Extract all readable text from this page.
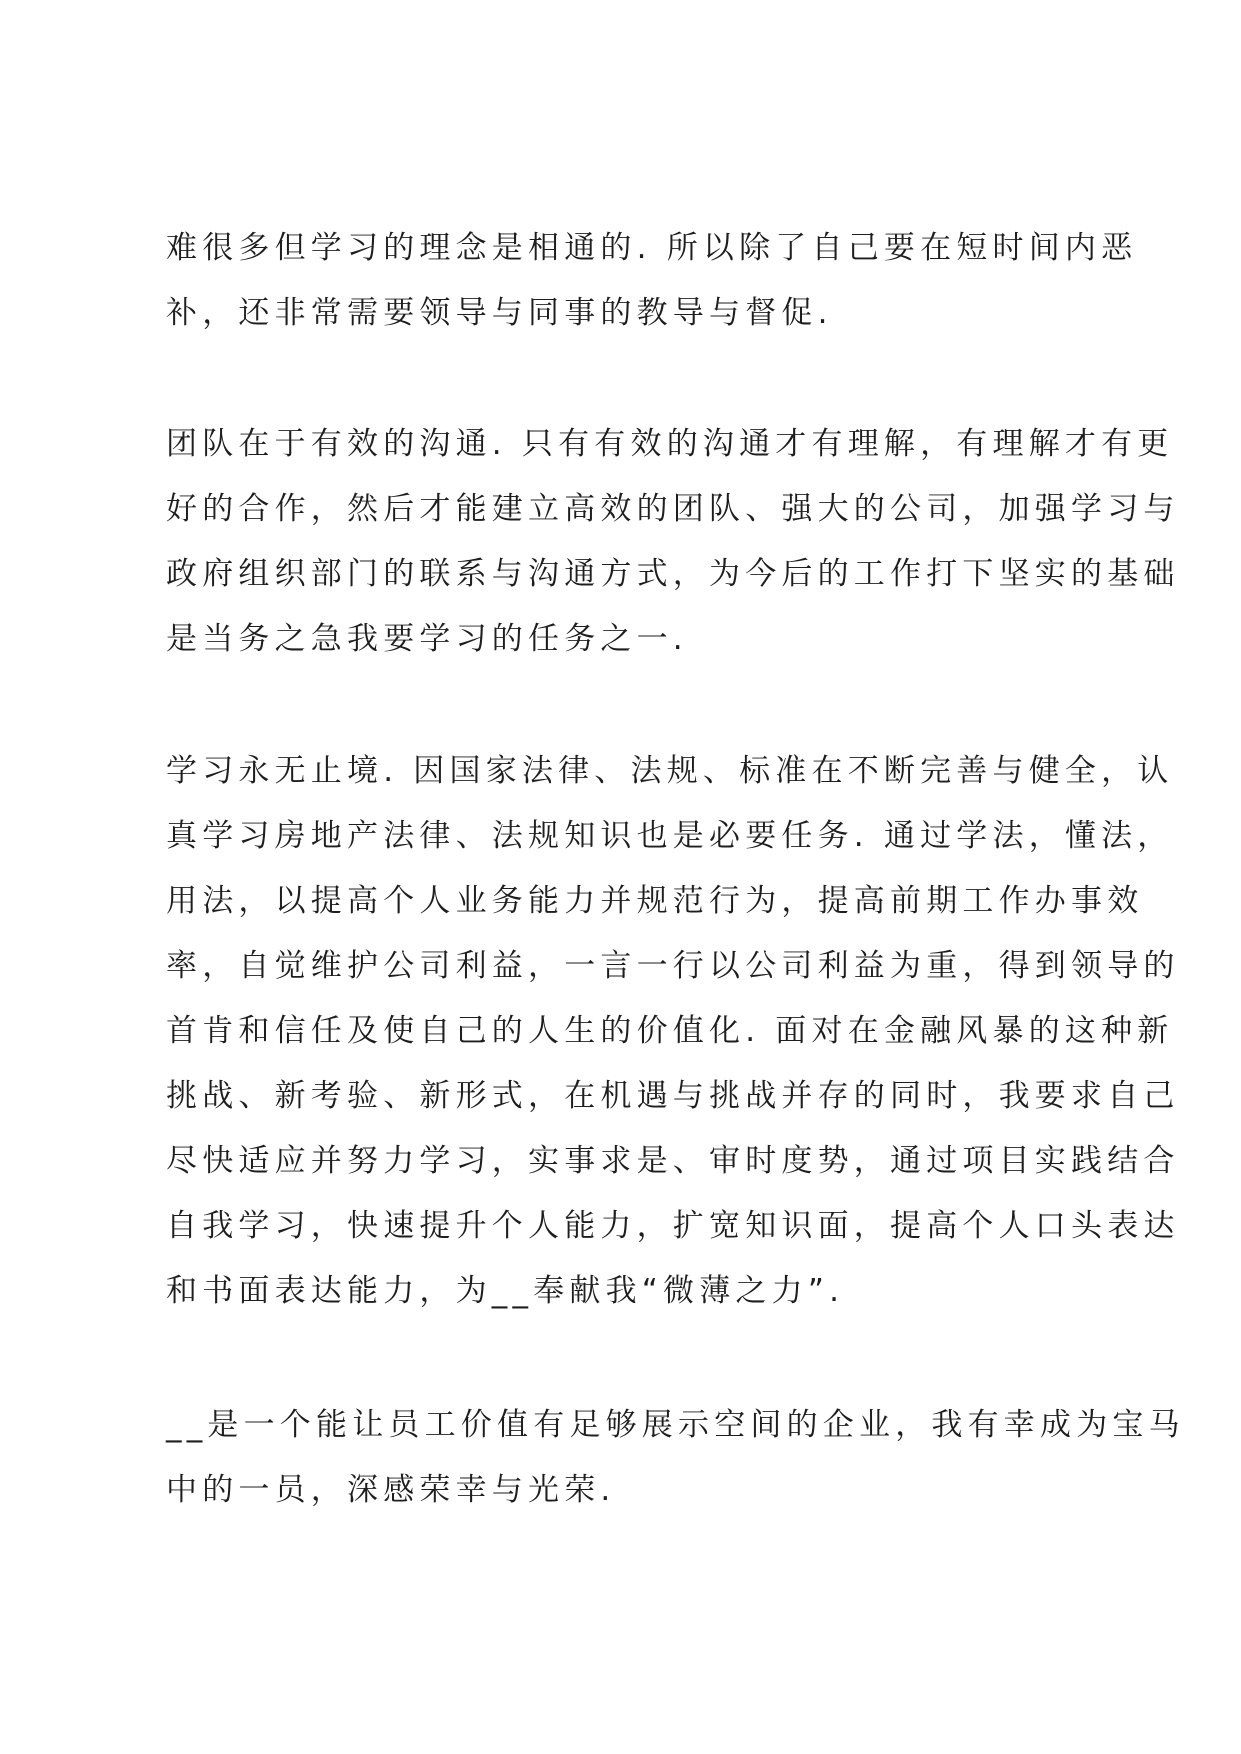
难很多但学习的理念是相通的. 所以除了自己要在短时间内恶
补，还非常需要领导与同事的教导与督促.

团队在于有效的沟通. 只有有效的沟通才有理解，有理解才有更
好的合作，然后才能建立高效的团队、强大的公司，加强学习与
政府组织部门的联系与沟通方式，为今后的工作打下坚实的基础
是当务之急我要学习的任务之一.

学习永无止境. 因国家法律、法规、标准在不断完善与健全，认
真学习房地产法律、法规知识也是必要任务. 通过学法，懂法，
用法，以提高个人业务能力并规范行为，提高前期工作办事效
率，自觉维护公司利益，一言一行以公司利益为重，得到领导的
首肯和信任及使自己的人生的价值化. 面对在金融风暴的这种新
挑战、新考验、新形式，在机遇与挑战并存的同时，我要求自己
尽快适应并努力学习，实事求是、审时度势，通过项目实践结合
自我学习，快速提升个人能力，扩宽知识面，提高个人口头表达
和书面表达能力，为__奉献我“微薄之力”.

__是一个能让员工价值有足够展示空间的企业，我有幸成为宝马
中的一员，深感荣幸与光荣.
